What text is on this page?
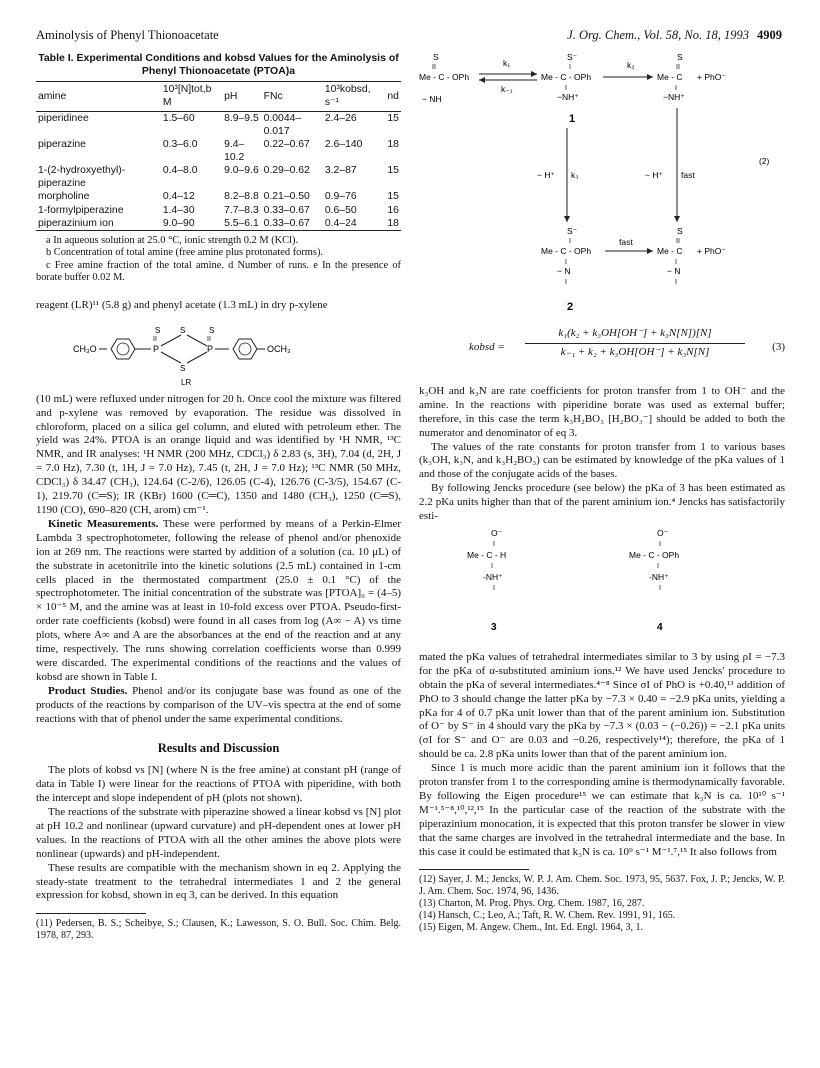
Aminolysis of Phenyl Thionoacetate	J. Org. Chem., Vol. 58, No. 18, 1993 4909
Table I. Experimental Conditions and kobsd Values for the Aminolysis of Phenyl Thionoacetate (PTOA)a
amine	10³[N]tot,b M	pH	FNc	10³kobsd, s⁻¹	nd
piperidinee	1.5–60	8.9–9.5	0.0044–0.017	2.4–26	15
piperazine	0.3–6.0	9.4–10.2	0.22–0.67	2.6–140	18
1-(2-hydroxyethyl)-piperazine	0.4–8.0	9.0–9.6	0.29–0.62	3.2–87	15
morpholine	0.4–12	8.2–8.8	0.21–0.50	0.9–76	15
1-formylpiperazine	1.4–30	7.7–8.3	0.33–0.67	0.6–50	16
piperazinium ion	9.0–90	5.5–6.1	0.33–0.67	0.4–24	18

a In aqueous solution at 25.0 °C, ionic strength 0.2 M (KCl).

b Concentration of total amine (free amine plus protonated forms).

c Free amine fraction of the total amine. d Number of runs. e In the presence of borate buffer 0.02 M.

reagent (LR)¹¹ (5.8 g) and phenyl acetate (1.3 mL) in dry p-xylene

CH₃O	P
S
II
S
S
P
S
II
OCH₃
LR

(10 mL) were refluxed under nitrogen for 20 h. Once cool the mixture was filtered and p-xylene was removed by evaporation. The residue was dissolved in chloroform, placed on a silica gel column, and eluted with petroleum ether. The yield was 24%. PTOA is an orange liquid and was identified by ¹H NMR, ¹³C NMR, and IR analyses: ¹H NMR (200 MHz, CDCl₃) δ 2.83 (s, 3H), 7.04 (d, 2H, J = 7.0 Hz), 7.30 (t, 1H, J = 7.0 Hz), 7.45 (t, 2H, J = 7.0 Hz); ¹³C NMR (50 MHz, CDCl₃) δ 34.47 (CH₃), 124.64 (C-2/6), 126.05 (C-4), 126.76 (C-3/5), 154.67 (C-1), 219.70 (C═S); IR (KBr) 1600 (C═C), 1350 and 1480 (CH₃), 1250 (C═S), 1190 (CO), 690–820 (CH, arom) cm⁻¹.

Kinetic Measurements. These were performed by means of a Perkin-Elmer Lambda 3 spectrophotometer, following the release of phenol and/or phenoxide ion at 269 nm. The reactions were started by addition of a solution (ca. 10 μL) of the substrate in acetonitrile into the kinetic solutions (2.5 mL) contained in 1-cm cells placed in the thermostated compartment (25.0 ± 0.1 °C) of the spectrophotometer. The initial concentration of the substrate was [PTOA]₀ = (4–5) × 10⁻⁵ M, and the amine was at least in 10-fold excess over PTOA. Pseudo-first-order rate coefficients (kobsd) were found in all cases from log (A∞ − A) vs time plots, where A∞ and A are the absorbances at the end of the reaction and at any time, respectively. The runs showing correlation coefficients worse than 0.999 were discarded. The experimental conditions of the reactions and the values of kobsd are shown in Table I.

Product Studies. Phenol and/or its conjugate base was found as one of the products of the reactions by comparison of the UV–vis spectra at the end of some reactions with that of phenol under the same experimental conditions.

Results and Discussion

The plots of kobsd vs [N] (where N is the free amine) at constant pH (range of data in Table I) were linear for the reactions of PTOA with piperidine, with both the intercept and slope independent of pH (plots not shown).

The reactions of the substrate with piperazine showed a linear kobsd vs [N] plot at pH 10.2 and nonlinear (upward curvature) and pH-dependent ones at lower pH values. In the reactions of PTOA with all the other amines the above plots were nonlinear (upwards) and pH-independent.

These results are compatible with the mechanism shown in eq 2. Applying the steady-state treatment to the tetrahedral intermediates 1 and 2 the general expression for kobsd, shown in eq 3, can be derived. In this equation

(11) Pedersen, B. S.; Scheibye, S.; Clausen, K.; Lawesson, S. O. Bull. Soc. Chim. Belg. 1978, 87, 293.

S
II
Me - C - OPh
− NH
k₁
k₋₁
S⁻
I
Me - C - OPh
I
−NH⁺
1
k₂
S
II
Me - C + PhO⁻
I
−NH⁺
− H⁺ k₃	− H⁺ fast
(2)
S⁻
I
Me - C - OPh
I
− N
I
2
fast
S
II
Me - C + PhO⁻
I
− N
I
kobsd =
k₁(k₂ + k₃OH[OH⁻] + k₃N[N])[N]
k₋₁ + k₂ + k₃OH[OH⁻] + k₃N[N]	(3)

k₃OH and k₃N are rate coefficients for proton transfer from 1 to OH⁻ and the amine. In the reactions with piperidine borate was used as external buffer; therefore, in this case the term k₃H₂BO₃ [H₂BO₃⁻] should be added to both the numerator and denominator of eq 3.

The values of the rate constants for proton transfer from 1 to various bases (k₃OH, k₃N, and k₃H₂BO₃) can be estimated by knowledge of the pKa values of 1 and those of the conjugate acids of the bases.

By following Jencks procedure (see below) the pKa of 3 has been estimated as 2.2 pKa units higher than that of the parent aminium ion.⁴ Jencks has satisfactorily esti-

O⁻
I
Me - C - H
I
-NH⁺
I
3
O⁻
I
Me - C - OPh
I
-NH⁺
I
4

mated the pKa values of tetrahedral intermediates similar to 3 by using ρI = −7.3 for the pKa of α-substituted aminium ions.¹² We have used Jencks' procedure to obtain the pKa of several intermediates.⁴⁻⁸ Since σI of PhO is +0.40,¹³ addition of PhO to 3 should change the latter pKa by −7.3 × 0.40 = −2.9 pKa units, yielding a pKa for 4 of 0.7 pKa unit lower than that of the parent aminium ion. Substitution of O⁻ by S⁻ in 4 should vary the pKa by −7.3 × (0.03 − (−0.26)) = −2.1 pKa units (σI for S⁻ and O⁻ are 0.03 and −0.26, respectively¹⁴); therefore, the pKa of 1 should be ca. 2.8 pKa units lower than that of the parent aminium ion.

Since 1 is much more acidic than the parent aminium ion it follows that the proton transfer from 1 to the corresponding amine is thermodynamically favorable. By following the Eigen procedure¹⁵ we can estimate that k₃N is ca. 10¹⁰ s⁻¹ M⁻¹.⁵⁻⁸,¹⁰,¹²,¹⁵ In the particular case of the reaction of the substrate with the piperazinium monocation, it is expected that this proton transfer be slower in view that the same charges are involved in the tetrahedral intermediate and the base. In this case it could be estimated that k₃N is ca. 10⁹ s⁻¹ M⁻¹.⁷,¹⁵ It also follows from

(12) Sayer, J. M.; Jencks, W. P. J. Am. Chem. Soc. 1973, 95, 5637. Fox, J. P.; Jencks, W. P. J. Am. Chem. Soc. 1974, 96, 1436.

(13) Charton, M. Prog. Phys. Org. Chem. 1987, 16, 287.

(14) Hansch, C.; Leo, A.; Taft, R. W. Chem. Rev. 1991, 91, 165.

(15) Eigen, M. Angew. Chem., Int. Ed. Engl. 1964, 3, 1.
